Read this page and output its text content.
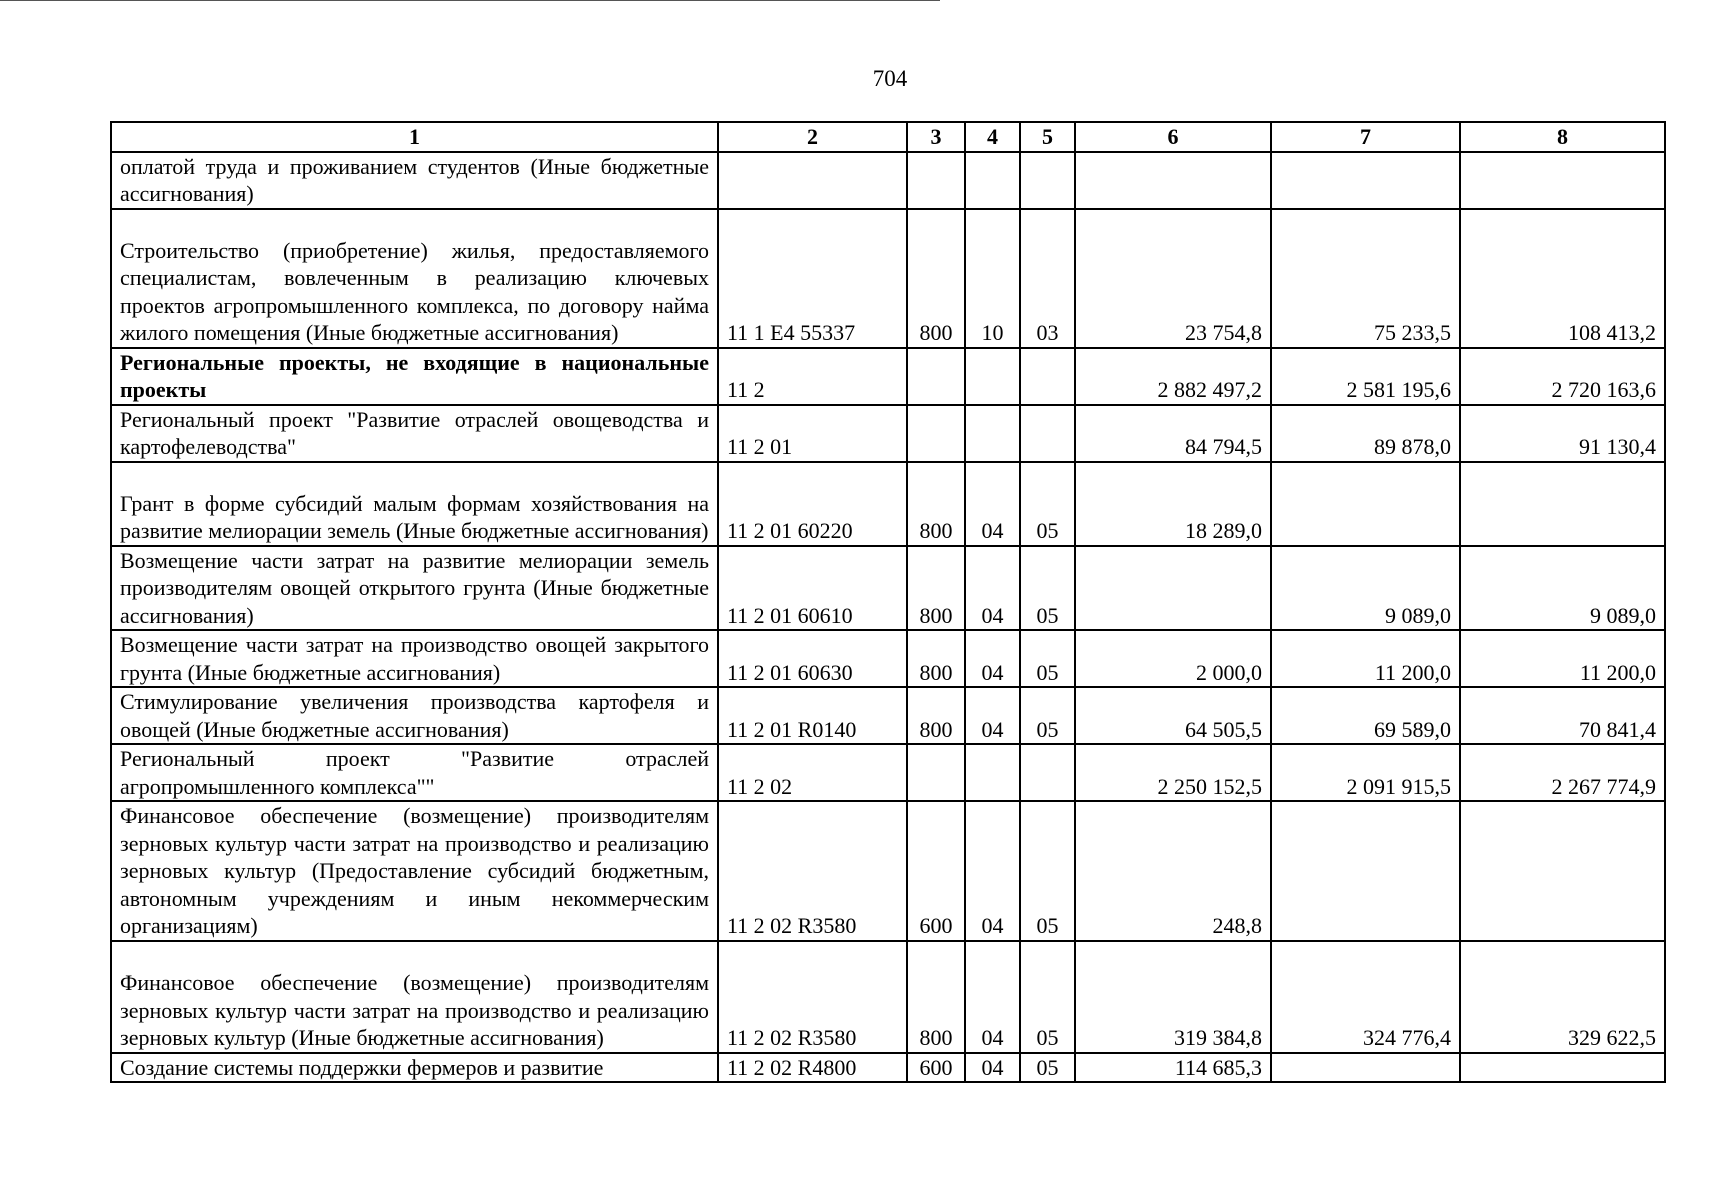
704
1	2	3	4	5	6	7	8
оплатой труда и проживанием студентов (Иные бюджетные ассигнования)							
Строительство (приобретение) жилья, предоставляемого специалистам, вовлеченным в реализацию ключевых проектов агропромышленного комплекса, по договору найма жилого помещения (Иные бюджетные ассигнования)	11 1 Е4 55337	800	10	03	23 754,8	75 233,5	108 413,2
Региональные проекты, не входящие в национальные проекты	11 2				2 882 497,2	2 581 195,6	2 720 163,6
Региональный проект "Развитие отраслей овощеводства и картофелеводства"	11 2 01				84 794,5	89 878,0	91 130,4
Грант в форме субсидий малым формам хозяйствования на развитие мелиорации земель (Иные бюджетные ассигнования)	11 2 01 60220	800	04	05	18 289,0		
Возмещение части затрат на развитие мелиорации земель производителям овощей открытого грунта (Иные бюджетные ассигнования)	11 2 01 60610	800	04	05		9 089,0	9 089,0
Возмещение части затрат на производство овощей закрытого грунта (Иные бюджетные ассигнования)	11 2 01 60630	800	04	05	2 000,0	11 200,0	11 200,0
Стимулирование увеличения производства картофеля и овощей (Иные бюджетные ассигнования)	11 2 01 R0140	800	04	05	64 505,5	69 589,0	70 841,4
Региональный проект "Развитие отраслей агропромышленного комплекса""	11 2 02				2 250 152,5	2 091 915,5	2 267 774,9
Финансовое обеспечение (возмещение) производителям зерновых культур части затрат на производство и реализацию зерновых культур (Предоставление субсидий бюджетным, автономным учреждениям и иным некоммерческим организациям)	11 2 02 R3580	600	04	05	248,8		
Финансовое обеспечение (возмещение) производителям зерновых культур части затрат на производство и реализацию зерновых культур (Иные бюджетные ассигнования)	11 2 02 R3580	800	04	05	319 384,8	324 776,4	329 622,5
Создание системы поддержки фермеров и развитие	11 2 02 R4800	600	04	05	114 685,3		
